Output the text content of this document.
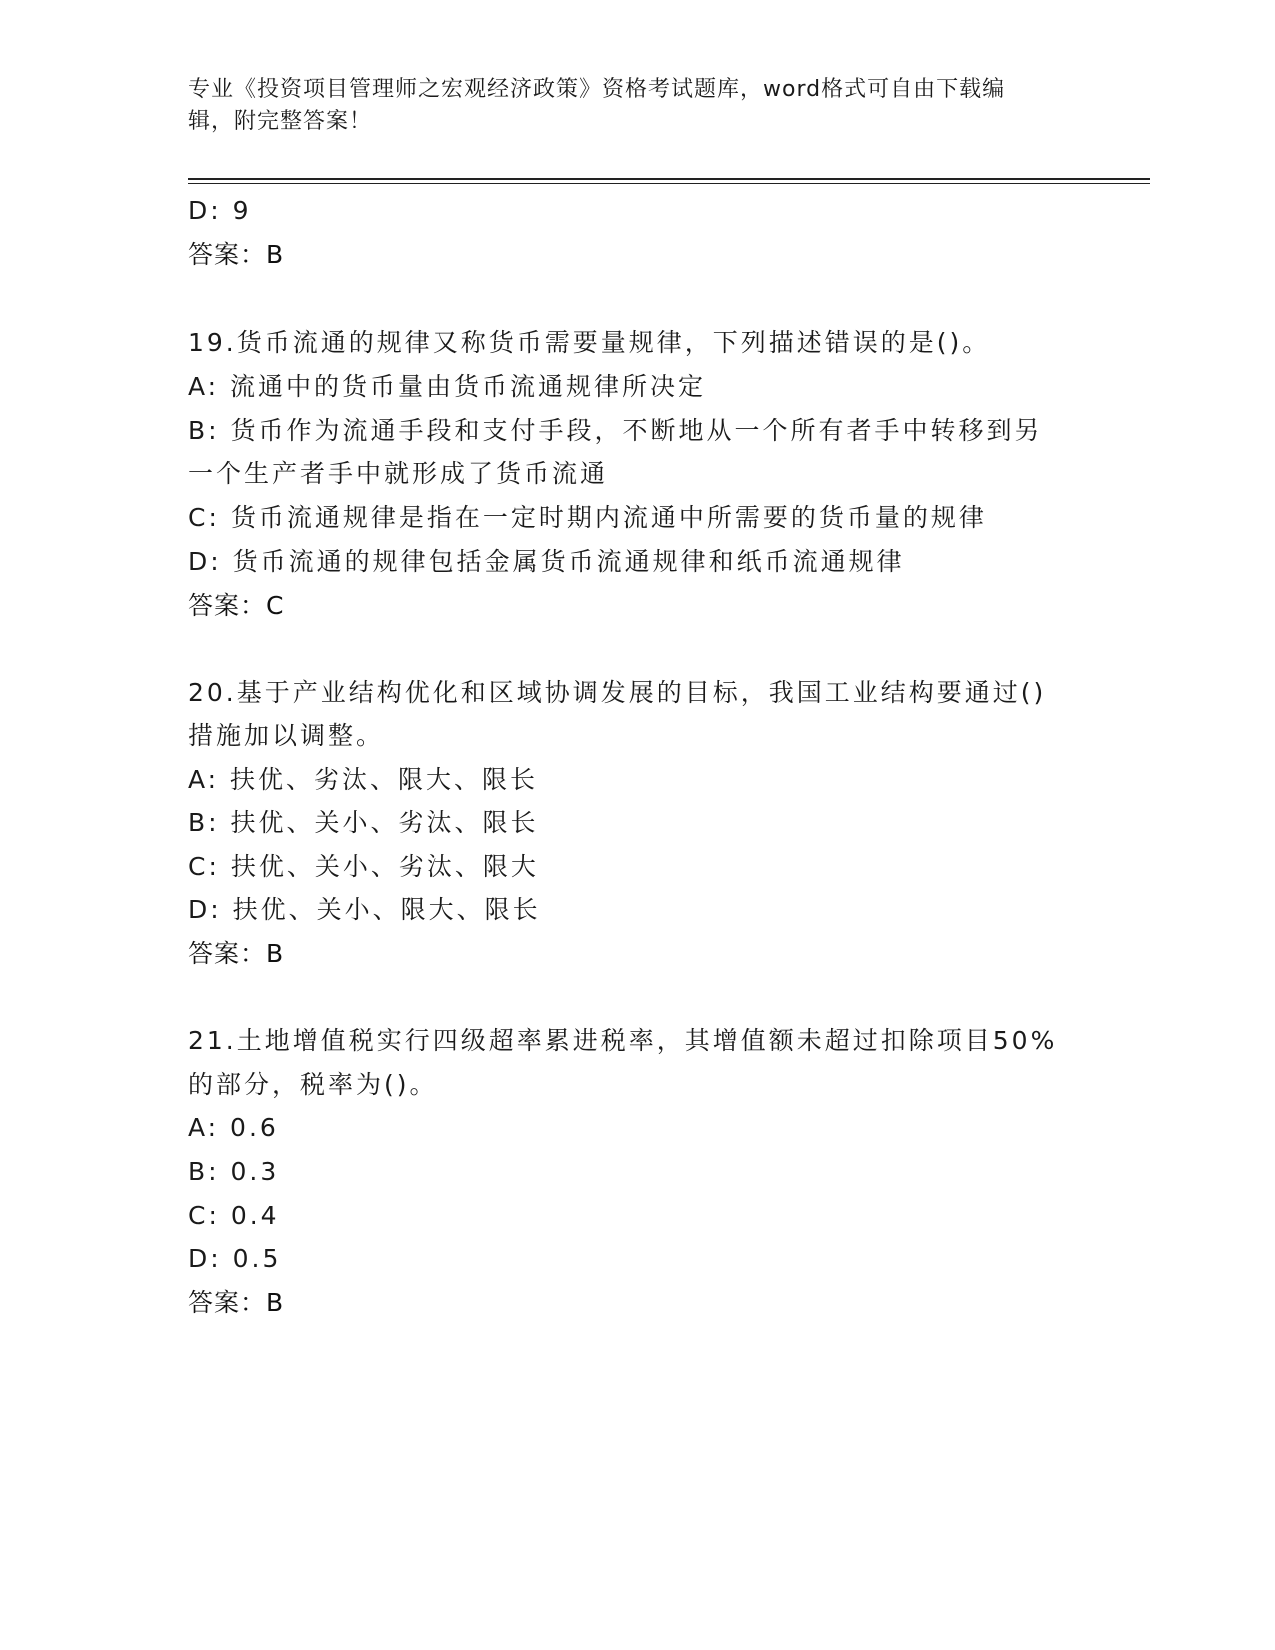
专业《投资项目管理师之宏观经济政策》资格考试题库，word格式可自由下载编
辑，附完整答案！
D: 9
答案：B
19.货币流通的规律又称货币需要量规律，下列描述错误的是()。
A: 流通中的货币量由货币流通规律所决定
B: 货币作为流通手段和支付手段，不断地从一个所有者手中转移到另
一个生产者手中就形成了货币流通
C: 货币流通规律是指在一定时期内流通中所需要的货币量的规律
D: 货币流通的规律包括金属货币流通规律和纸币流通规律
答案：C
20.基于产业结构优化和区域协调发展的目标，我国工业结构要通过()
措施加以调整。
A: 扶优、劣汰、限大、限长
B: 扶优、关小、劣汰、限长
C: 扶优、关小、劣汰、限大
D: 扶优、关小、限大、限长
答案：B
21.土地增值税实行四级超率累进税率，其增值额未超过扣除项目50%
的部分，税率为()。
A: 0.6
B: 0.3
C: 0.4
D: 0.5
答案：B
